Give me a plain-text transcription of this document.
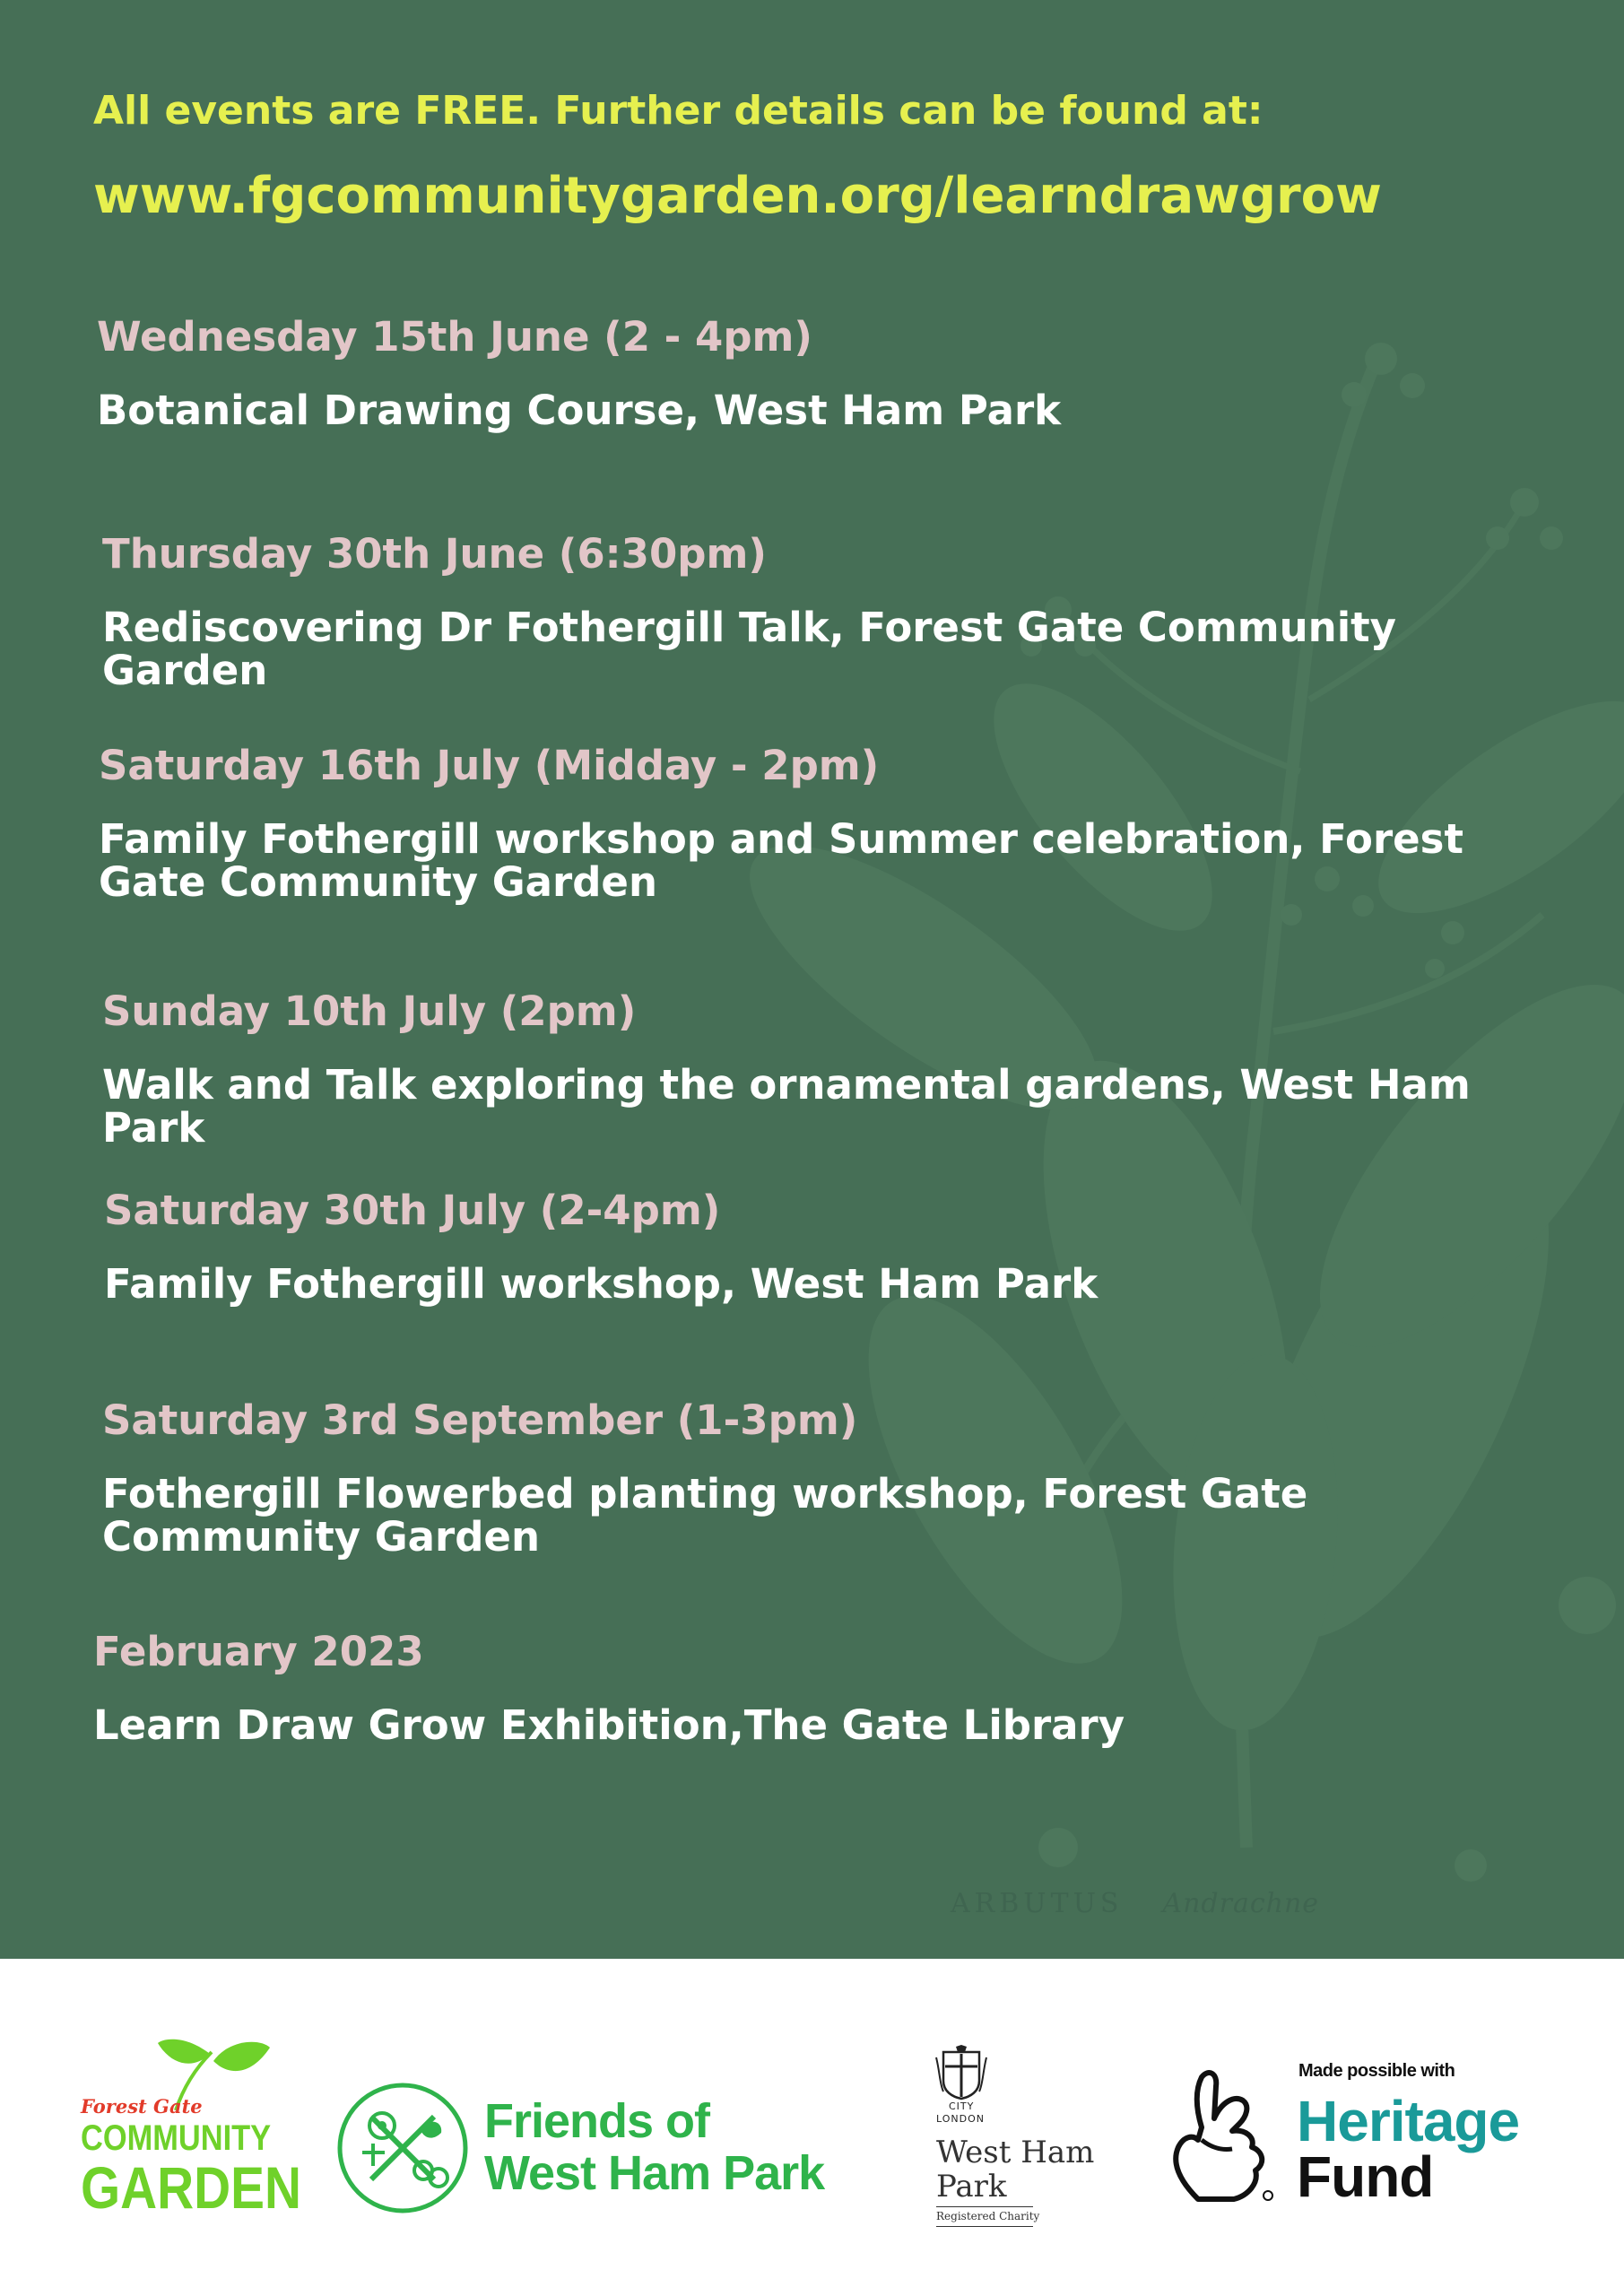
All events are FREE. Further details can be found at:
www.fgcommunitygarden.org/learndrawgrow
Wednesday 15th June (2 - 4pm)
Botanical Drawing Course, West Ham Park
Thursday 30th June (6:30pm)
Rediscovering Dr Fothergill Talk, Forest Gate Community Garden
Saturday 16th July (Midday - 2pm)
Family Fothergill workshop and Summer celebration, Forest Gate Community Garden
Sunday 10th July (2pm)
Walk and Talk exploring the ornamental gardens, West Ham Park
Saturday 30th July (2-4pm)
Family Fothergill workshop, West Ham Park
Saturday 3rd September (1-3pm)
Fothergill Flowerbed planting workshop, Forest Gate Community Garden
February 2023
Learn Draw Grow Exhibition,The Gate Library
ARBUTUS Andrachne
Forest Gate
COMMUNITY
GARDEN
Friends of
West Ham Park
CITY
LONDON
West Ham
Park
Registered Charity
Made possible with
Heritage
Fund
